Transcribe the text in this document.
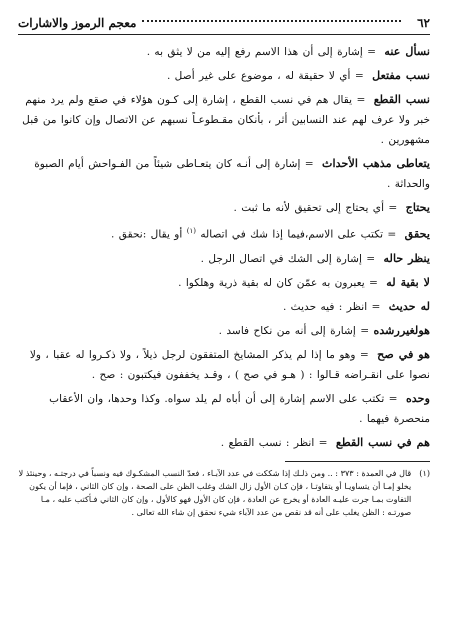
٦٢
معجم الرموز والاشارات
نسأل عنه = إشارة إلى أن هذا الاسم رفع إليه من لا يثق به .
نسب مفتعل = أي لا حقيقة له ، موضوع على غير أصل .
نسب القطع = يقال هم في نسب القطع ، إشارة إلى كـون هؤلاء في صقع ولم يرد منهم خبر ولا عرف لهم عند النسابين أثر ، بأنكان مقـطوعـاً نسبهم عن الاتصال وإن كانوا من قبل مشهورين .
يتعاطى مذهب الأحداث = إشارة إلى أنـه كان يتعـاطى شيئاً من الفـواحش أيام الصبوة والحداثة .
يحتاج = أي يحتاج إلى تحقيق لأنه ما ثبت .
يحقق = تكتب على الاسم،فيما إذا شك في اتصاله $^{(١)}$ أو يقال :نحقق .
ينظر حاله = إشارة إلى الشك في اتصال الرجل .
لا بقية له = يعبرون به عمّن كان له بقية ذرية وهلكوا .
له حديث = انظر : فيه حديث .
هولغيررشده = إشارة إلى أنه من نكاح فاسد .
هو في صح = وهو ما إذا لم يذكر المشايخ المتفقون لرجل ذيلاً ، ولا ذكـروا له عقبا ، ولا نصوا على انقـراضه قـالوا : ( هـو في صح ) ، وقـد يخففون فيكتبون : صح .
وحده = تكتب على الاسم إشارة إلى أن أباه لم يلد سواه. وكذا وحدها، وان الأعقاب منحصرة فيهما .
هم في نسب القطع = انظر : نسب القطع .
(١)
قال في العمدة : ٣٧٣ : .. ومن ذلـك إذا شككت في عدد الآبـاء ، فعدّ النسب المشكـوك فيه ونسباً في درجتـه ، وحينئذ لا يخلو إمـا أن يتساويـا أو يتفاوتـا ، فإن كـان الأول زال الشك وغلب الظن على الصحة ، وإن كان الثاني ، فإما أن يكون التفاوت بمـا جرت عليـه العادة أو يخرج عن العادة ، فإن كان الأول فهو كالأول ، وإن كان الثاني فـأكتب عليه ، مـا صورتـه : الظن يغلب على أنه قد نقص من عدد الآباء شيء نحقق إن شاء الله تعالى .
